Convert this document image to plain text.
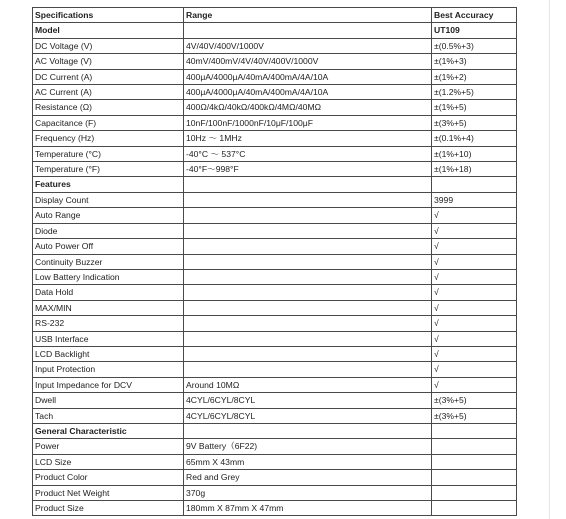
Specifications	Range	Best Accuracy
Model		UT109
DC Voltage (V)	4V/40V/400V/1000V	±(0.5%+3)
AC Voltage (V)	40mV/400mV/4V/40V/400V/1000V	±(1%+3)
DC Current (A)	400μA/4000μA/40mA/400mA/4A/10A	±(1%+2)
AC Current (A)	400μA/4000μA/40mA/400mA/4A/10A	±(1.2%+5)
Resistance (Ω)	400Ω/4kΩ/40kΩ/400kΩ/4MΩ/40MΩ	±(1%+5)
Capacitance (F)	10nF/100nF/1000nF/10μF/100μF	±(3%+5)
Frequency (Hz)	10Hz ～ 1MHz	±(0.1%+4)
Temperature (°C)	-40°C ～ 537°C	±(1%+10)
Temperature (°F)	-40°F～998°F	±(1%+18)
Features		
Display Count		3999
Auto Range		√
Diode		√
Auto Power Off		√
Continuity Buzzer		√
Low Battery Indication		√
Data Hold		√
MAX/MIN		√
RS-232		√
USB Interface		√
LCD Backlight		√
Input Protection		√
Input Impedance for DCV	Around 10MΩ	√
Dwell	4CYL/6CYL/8CYL	±(3%+5)
Tach	4CYL/6CYL/8CYL	±(3%+5)
General Characteristic		
Power	9V Battery（6F22)	
LCD Size	65mm X 43mm	
Product Color	Red and Grey	
Product Net Weight	370g	
Product Size	180mm X 87mm X 47mm	
